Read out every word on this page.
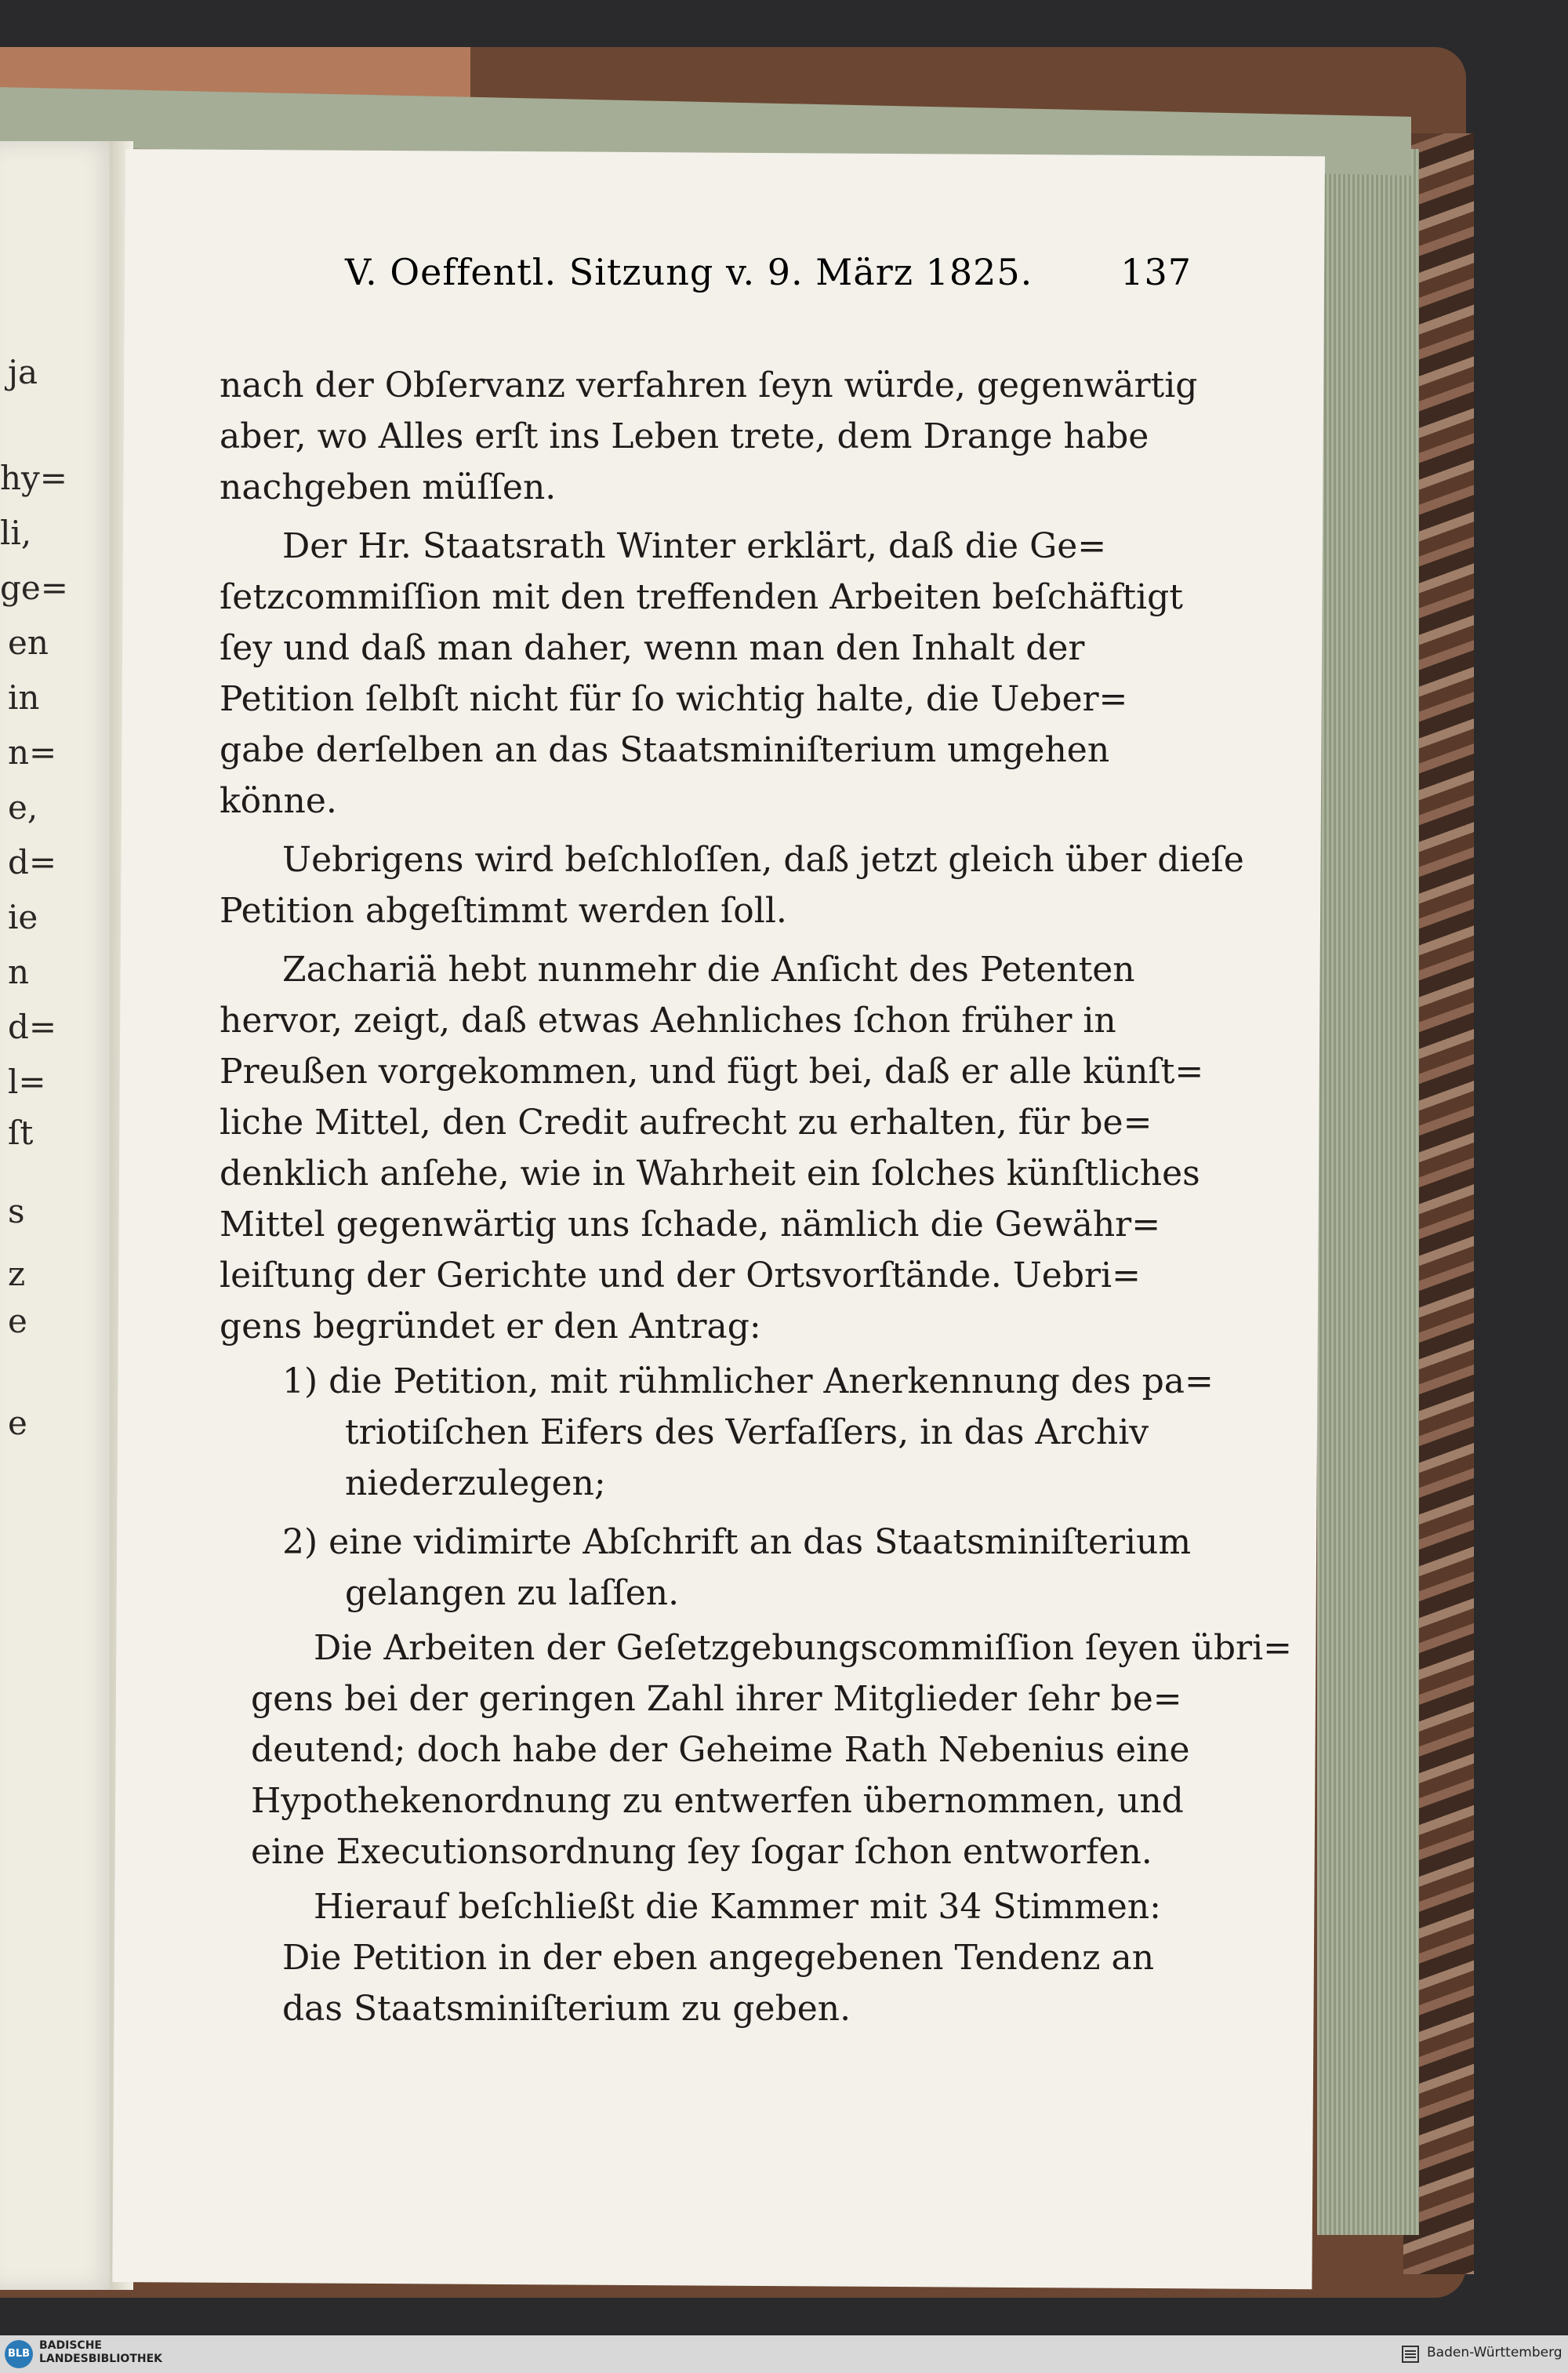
ja
hy=
li,
ge=
en
in
n=
e,
d=
ie
n
d=
l=
ſt
s
z
e
e
V. Oeffentl. Sitzung v. 9. März 1825. 137
nach der Obſervanz verfahren ſeyn würde, gegenwärtig
aber, wo Alles erſt ins Leben trete, dem Drange habe
nachgeben müſſen.
Der Hr. Staatsrath Winter erklärt, daß die Ge=
ſetzcommiſſion mit den treffenden Arbeiten beſchäftigt
ſey und daß man daher, wenn man den Inhalt der
Petition ſelbſt nicht für ſo wichtig halte, die Ueber=
gabe derſelben an das Staatsminiſterium umgehen
könne.
Uebrigens wird beſchloſſen, daß jetzt gleich über dieſe
Petition abgeſtimmt werden ſoll.
Zachariä hebt nunmehr die Anſicht des Petenten
hervor, zeigt, daß etwas Aehnliches ſchon früher in
Preußen vorgekommen, und fügt bei, daß er alle künſt=
liche Mittel, den Credit aufrecht zu erhalten, für be=
denklich anſehe, wie in Wahrheit ein ſolches künſtliches
Mittel gegenwärtig uns ſchade, nämlich die Gewähr=
leiſtung der Gerichte und der Ortsvorſtände. Uebri=
gens begründet er den Antrag:
1) die Petition, mit rühmlicher Anerkennung des pa=
triotiſchen Eifers des Verfaſſers, in das Archiv
niederzulegen;
2) eine vidimirte Abſchrift an das Staatsminiſterium
gelangen zu laſſen.
Die Arbeiten der Geſetzgebungscommiſſion ſeyen übri=
gens bei der geringen Zahl ihrer Mitglieder ſehr be=
deutend; doch habe der Geheime Rath Nebenius eine
Hypothekenordnung zu entwerfen übernommen, und
eine Executionsordnung ſey ſogar ſchon entworfen.
Hierauf beſchließt die Kammer mit 34 Stimmen:
Die Petition in der eben angegebenen Tendenz an
das Staatsminiſterium zu geben.
BLB
BADISCHE
LANDESBIBLIOTHEK	Baden-Württemberg
